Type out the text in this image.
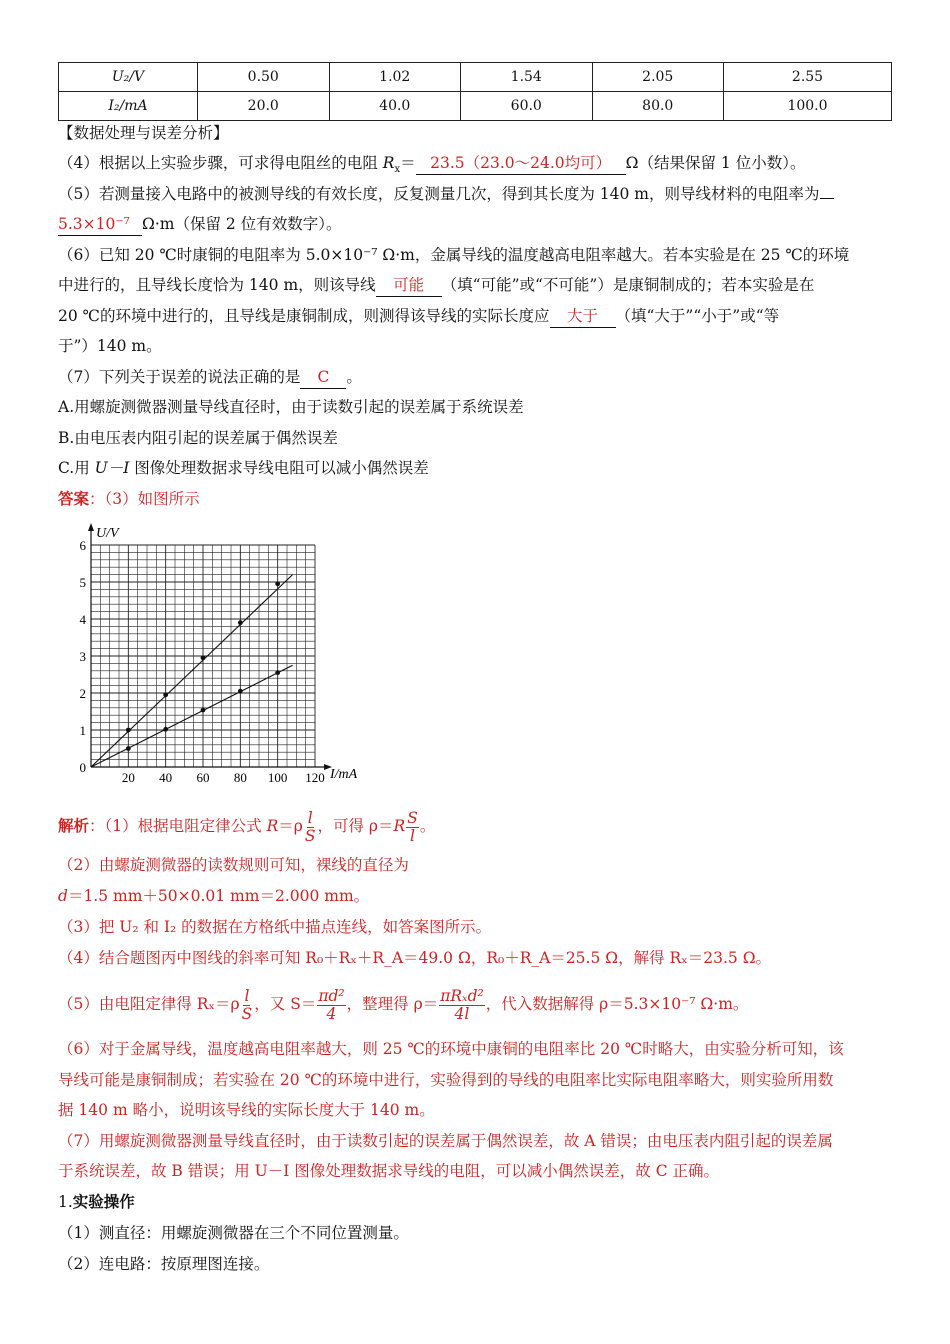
U₂/V	0.50	1.02	1.54	2.05	2.55
I₂/mA	20.0	40.0	60.0	80.0	100.0
【数据处理与误差分析】
（4）根据以上实验步骤，可求得电阻丝的电阻 $R_x=$ 23.5（23.0～24.0均可） Ω（结果保留 1 位小数）。
（5）若测量接入电路中的被测导线的有效长度，反复测量几次，得到其长度为 140 m，则导线材料的电阻率为
5.3×10⁻⁷ Ω·m（保留 2 位有效数字）。
（6）已知 20 ℃时康铜的电阻率为 5.0×10⁻⁷ Ω·m，金属导线的温度越高电阻率越大。若本实验是在 25 ℃的环境
中进行的，且导线长度恰为 140 m，则该导线 可能 （填“可能”或“不可能”）是康铜制成的；若本实验是在
20 ℃的环境中进行的，且导线是康铜制成，则测得该导线的实际长度应 大于 （填“大于”“小于”或“等
于”）140 m。
（7）下列关于误差的说法正确的是 C 。
A.用螺旋测微器测量导线直径时，由于读数引起的误差属于系统误差
B.由电压表内阻引起的误差属于偶然误差
C.用 U－I 图像处理数据求导线电阻可以减小偶然误差
答案：（3）如图所示
U/V
I/mA
20 40 60 80 100 120
0
1
2
3
4
5
6
解析：（1）根据电阻定律公式 $R=\rho \frac{l}{S}$ ，可得 $\rho=R \frac{S}{l}$ 。
（2）由螺旋测微器的读数规则可知，裸线的直径为
d＝1.5 mm＋50×0.01 mm＝2.000 mm。
（3）把 U₂ 和 I₂ 的数据在方格纸中描点连线，如答案图所示。
（4）结合题图丙中图线的斜率可知 R₀＋Rₓ＋R_A＝49.0 Ω，R₀＋R_A＝25.5 Ω，解得 Rₓ＝23.5 Ω。
（5）由电阻定律得 $R_x=\rho \frac{l}{S}$ ，又 $S= \frac{\text{πd²}}{4}$ ，整理得 $\rho= \frac{\text{πRₓd²}}{4l}$ ，代入数据解得 ρ＝5.3×10⁻⁷ Ω·m。
（6）对于金属导线，温度越高电阻率越大，则 25 ℃的环境中康铜的电阻率比 20 ℃时略大，由实验分析可知，该
导线可能是康铜制成；若实验在 20 ℃的环境中进行，实验得到的导线的电阻率比实际电阻率略大，则实验所用数
据 140 m 略小，说明该导线的实际长度大于 140 m。
（7）用螺旋测微器测量导线直径时，由于读数引起的误差属于偶然误差，故 A 错误；由电压表内阻引起的误差属
于系统误差，故 B 错误；用 U－I 图像处理数据求导线的电阻，可以减小偶然误差，故 C 正确。
1.实验操作
（1）测直径：用螺旋测微器在三个不同位置测量。
（2）连电路：按原理图连接。
